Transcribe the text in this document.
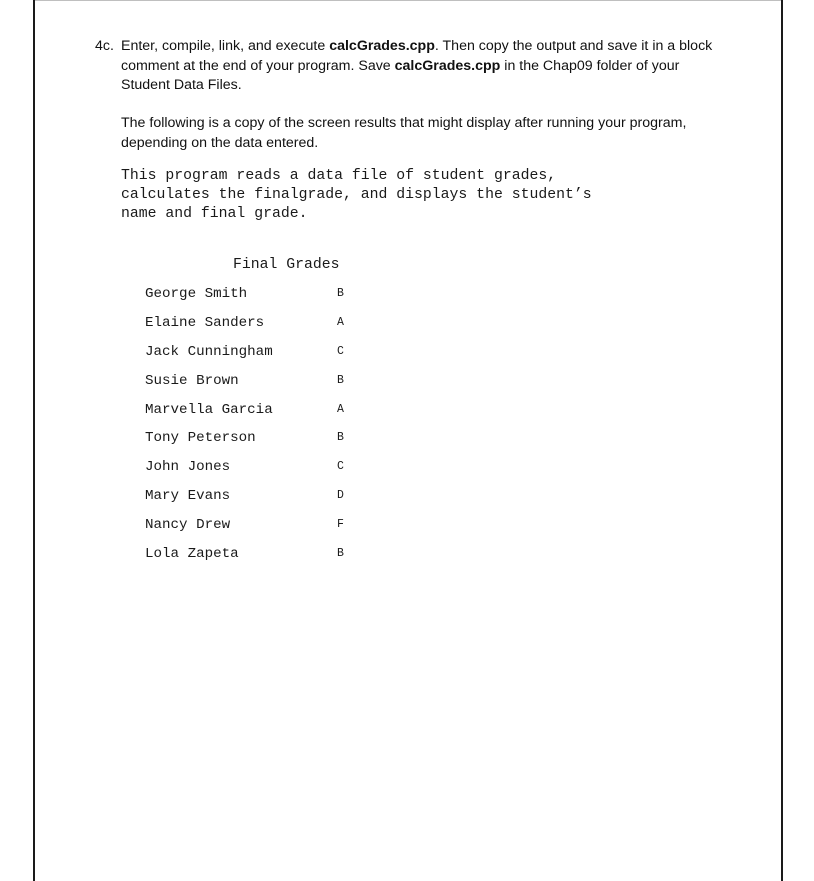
4c. Enter, compile, link, and execute calcGrades.cpp. Then copy the output and save it in a block comment at the end of your program. Save calcGrades.cpp in the Chap09 folder of your Student Data Files.
The following is a copy of the screen results that might display after running your program, depending on the data entered.
This program reads a data file of student grades,
calculates the finalgrade, and displays the student’s
name and final grade.
Final Grades
George Smith	B
Elaine Sanders	A
Jack Cunningham	C
Susie Brown	B
Marvella Garcia	A
Tony Peterson	B
John Jones	C
Mary Evans	D
Nancy Drew	F
Lola Zapeta	B
